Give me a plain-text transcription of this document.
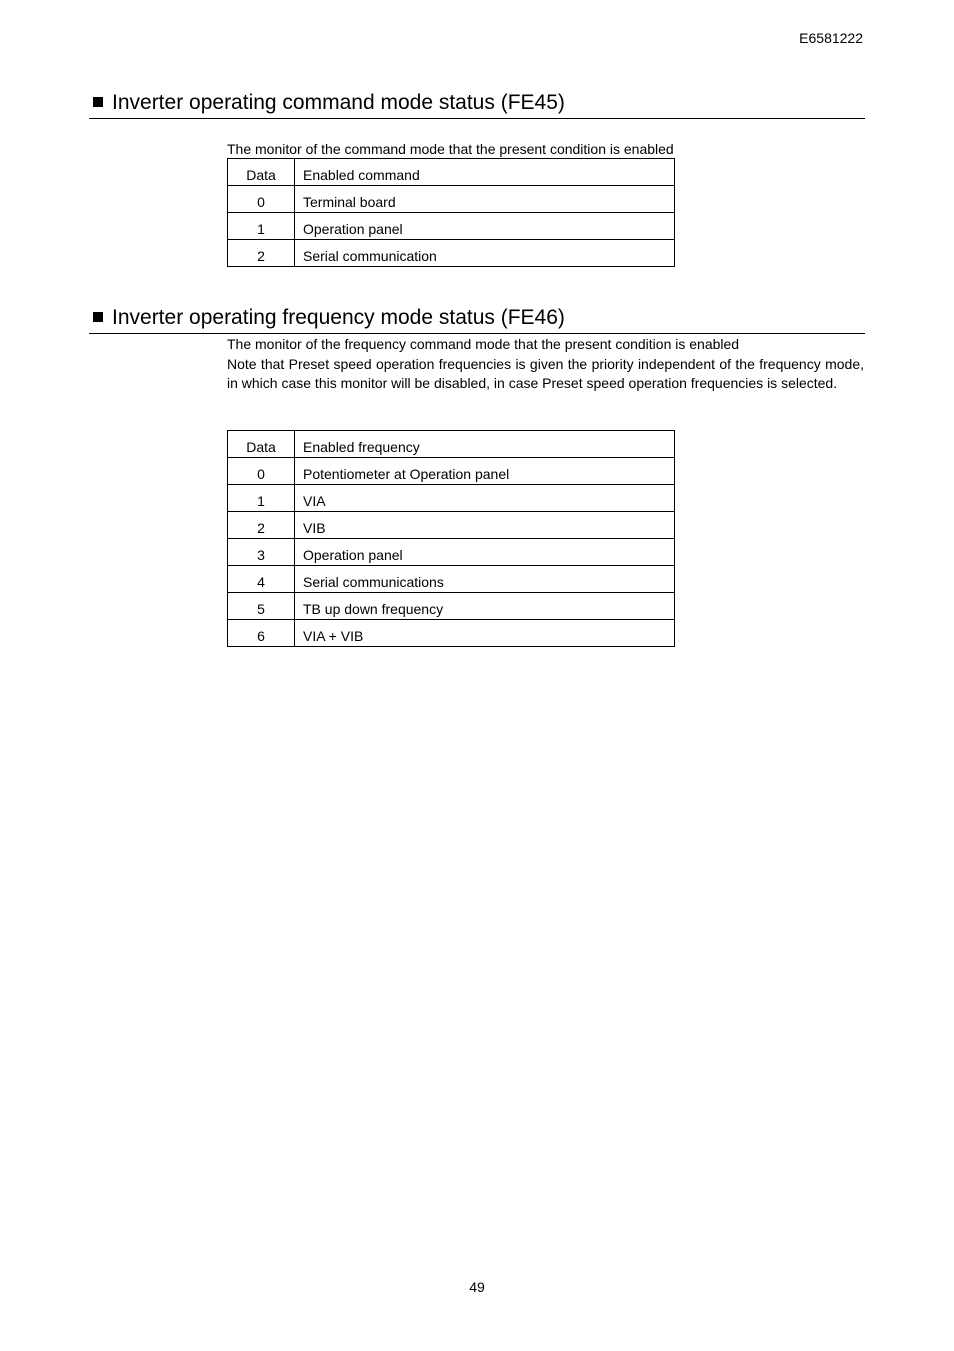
E6581222
Inverter operating command mode status (FE45)
The monitor of the command mode that the present condition is enabled
Data	Enabled command
0	Terminal board
1	Operation panel
2	Serial communication
Inverter operating frequency mode status (FE46)
The monitor of the frequency command mode that the present condition is enabled
Note that Preset speed operation frequencies is given the priority independent of the frequency mode, in which case this monitor will be disabled, in case Preset speed operation frequencies is selected.
Data	Enabled frequency
0	Potentiometer at Operation panel
1	VIA
2	VIB
3	Operation panel
4	Serial communications
5	TB up down frequency
6	VIA + VIB
49
